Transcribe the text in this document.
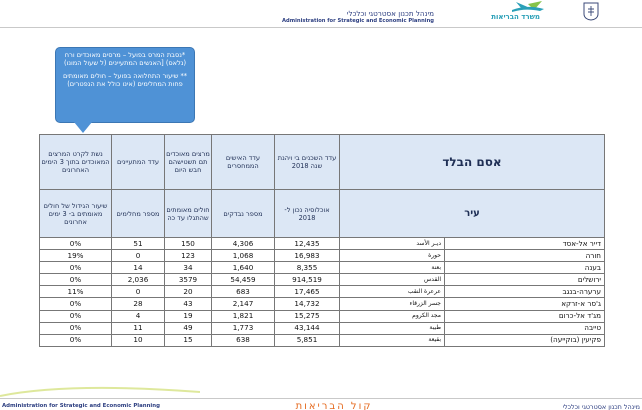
מינהל תכנון אסטרטגי וכלכלי
Administration for Strategic and Economic Planning	משרד הבריאות

*נסבת המרס בפועל – מרסים מאוכדים ורח (נלאס) [האנשים המתעיינים (ל שעול המונו)

** שיעור התחלואה בפועל – חולים מאומתים פחות המחלימים (אינו כולל את הנפטרים)

אסם הבלד		עדד השכנים בי ויהנת שנה 2018	עדד האישים הממחסרים	מרצים מאוכדים תם תשטישהם חבש היום	עדד המתעיינים	נשת לקרט המרצים המאוכדים בתוך 3 הימים האחרונים	
עיר		אוכלוסיה נכון ל- 2018	מספר נבדקים	חולים מאומתים שהתגלו עד כה	מספר מחלימים	שיעור הגידול של חולים מאומתים ב- 3 ימים אחרונים	
דייר אל-אסד	ديـر الأسد	12,435	4,306	150	51	0%	
חורה	حورة	16,983	1,068	123	0	19%	
בענה	بعنة	8,355	1,640	34	14	0%	
ירושלים	القدس	914,519	54,459	3579	2,036	0%	
ערערה-בנגב	عرعرة النقب	17,465	683	20	0	11%	
ג'סר א-זרקא	جسر الزرقاء	14,732	2,147	43	28	0%	
מג'ד אל-כרום	مجد الكروم	15,275	1,821	19	4	0%	
טייבה	طيبة	43,144	1,773	49	11	0%	
פקיעין (בוקייעה)	بقيعة	5,851	638	15	10	0%	
Administration for Strategic and Economic Planning	קול הבריאות	מינהל תכנון אסטרטגי וכלכלי
